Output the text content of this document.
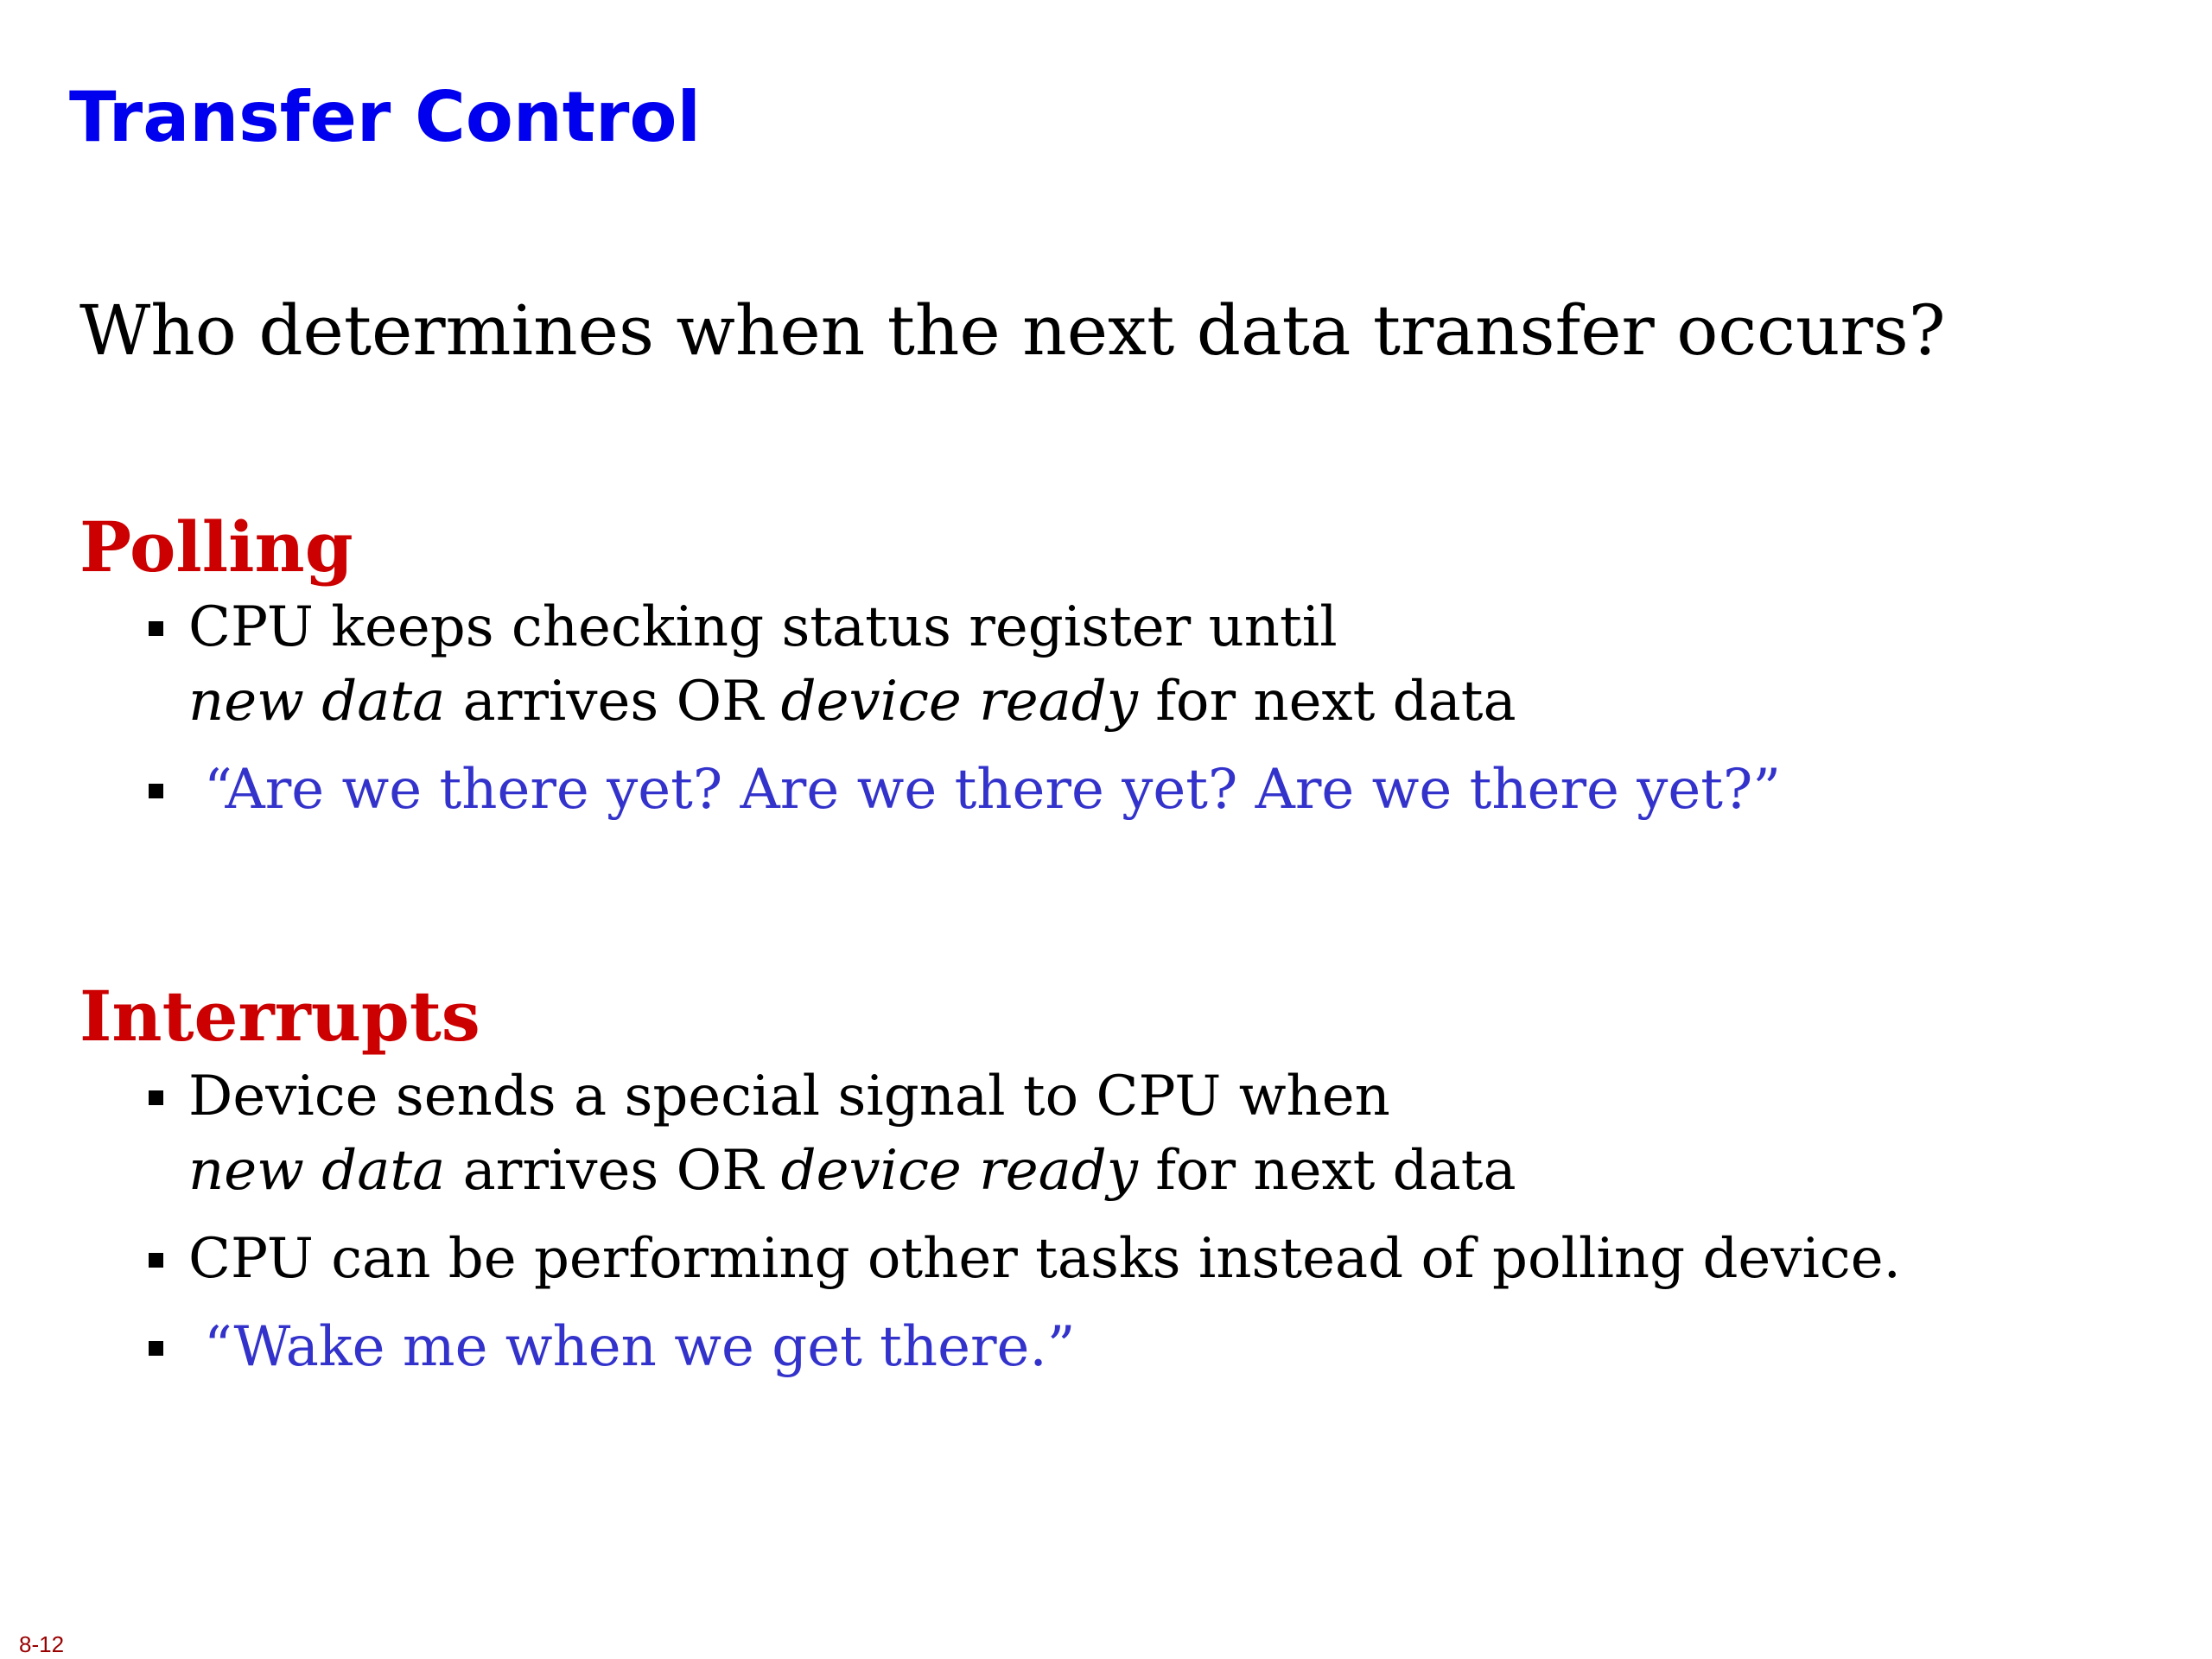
Transfer Control

Who determines when the next data transfer occurs?

Polling
CPU keeps checking status register until
new data arrives OR device ready for next data
“Are we there yet? Are we there yet? Are we there yet?”
Interrupts
Device sends a special signal to CPU when
new data arrives OR device ready for next data
CPU can be performing other tasks instead of polling device.
“Wake me when we get there.”
8-12
